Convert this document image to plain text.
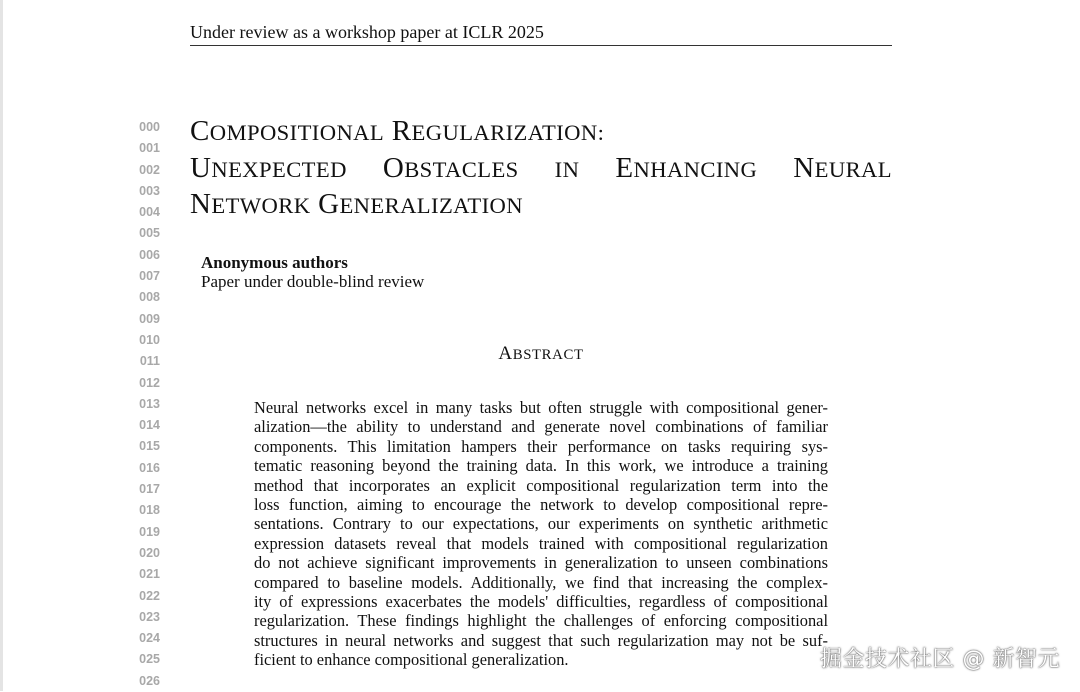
Under review as a workshop paper at ICLR 2025
000
001
002
003
004
005
006
007
008
009
010
011
012
013
014
015
016
017
018
019
020
021
022
023
024
025
026
COMPOSITIONAL REGULARIZATION:
UNEXPECTED OBSTACLES IN ENHANCING NEURAL
NETWORK GENERALIZATION
Anonymous authors
Paper under double-blind review
ABSTRACT
Neural networks excel in many tasks but often struggle with compositional gener-
alization—the ability to understand and generate novel combinations of familiar
components. This limitation hampers their performance on tasks requiring sys-
tematic reasoning beyond the training data. In this work, we introduce a training
method that incorporates an explicit compositional regularization term into the
loss function, aiming to encourage the network to develop compositional repre-
sentations. Contrary to our expectations, our experiments on synthetic arithmetic
expression datasets reveal that models trained with compositional regularization
do not achieve significant improvements in generalization to unseen combinations
compared to baseline models. Additionally, we find that increasing the complex-
ity of expressions exacerbates the models' difficulties, regardless of compositional
regularization. These findings highlight the challenges of enforcing compositional
structures in neural networks and suggest that such regularization may not be suf-
ficient to enhance compositional generalization.	掘金技术社区 @ 新智元
